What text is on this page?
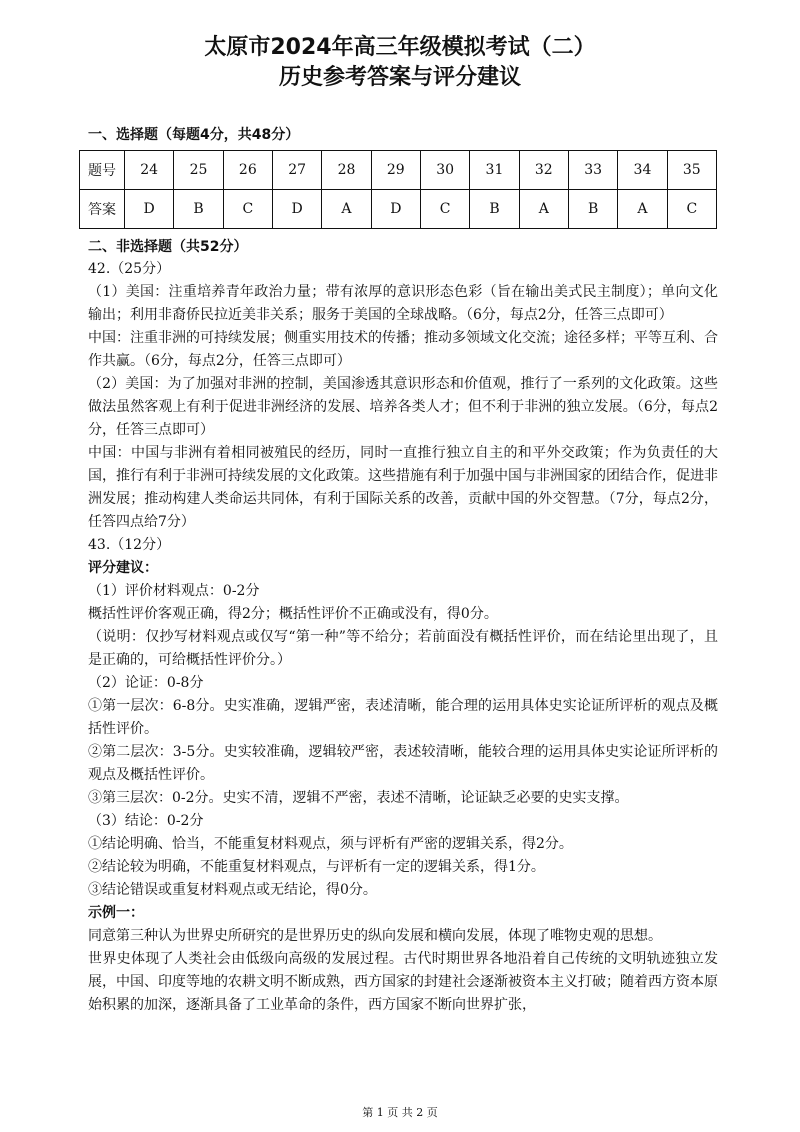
太原市2024年高三年级模拟考试（二）
历史参考答案与评分建议
一、选择题（每题4分，共48分）
题号	24	25	26	27	28	29	30	31	32	33	34	35
答案	D	B	C	D	A	D	C	B	A	B	A	C
二、非选择题（共52分）

42.（25分）

（1）美国：注重培养青年政治力量；带有浓厚的意识形态色彩（旨在输出美式民主制度）；单向文化输出；利用非裔侨民拉近美非关系；服务于美国的全球战略。（6分，每点2分，任答三点即可）

中国：注重非洲的可持续发展；侧重实用技术的传播；推动多领域文化交流；途径多样；平等互利、合作共赢。（6分，每点2分，任答三点即可）

（2）美国：为了加强对非洲的控制，美国渗透其意识形态和价值观，推行了一系列的文化政策。这些做法虽然客观上有利于促进非洲经济的发展、培养各类人才；但不利于非洲的独立发展。（6分，每点2分，任答三点即可）

中国：中国与非洲有着相同被殖民的经历，同时一直推行独立自主的和平外交政策；作为负责任的大国，推行有利于非洲可持续发展的文化政策。这些措施有利于加强中国与非洲国家的团结合作，促进非洲发展；推动构建人类命运共同体，有利于国际关系的改善，贡献中国的外交智慧。（7分，每点2分，任答四点给7分）

43.（12分）

评分建议：

（1）评价材料观点：0-2分

概括性评价客观正确，得2分；概括性评价不正确或没有，得0分。

（说明：仅抄写材料观点或仅写“第一种”等不给分；若前面没有概括性评价，而在结论里出现了，且是正确的，可给概括性评价分。）

（2）论证：0-8分

①第一层次：6-8分。史实准确，逻辑严密，表述清晰，能合理的运用具体史实论证所评析的观点及概括性评价。

②第二层次：3-5分。史实较准确，逻辑较严密，表述较清晰，能较合理的运用具体史实论证所评析的观点及概括性评价。

③第三层次：0-2分。史实不清，逻辑不严密，表述不清晰，论证缺乏必要的史实支撑。

（3）结论：0-2分

①结论明确、恰当，不能重复材料观点，须与评析有严密的逻辑关系，得2分。

②结论较为明确，不能重复材料观点，与评析有一定的逻辑关系，得1分。

③结论错误或重复材料观点或无结论，得0分。

示例一：

同意第三种认为世界史所研究的是世界历史的纵向发展和横向发展，体现了唯物史观的思想。

世界史体现了人类社会由低级向高级的发展过程。古代时期世界各地沿着自己传统的文明轨迹独立发展，中国、印度等地的农耕文明不断成熟，西方国家的封建社会逐渐被资本主义打破；随着西方资本原始积累的加深，逐渐具备了工业革命的条件，西方国家不断向世界扩张，

第 1 页 共 2 页
